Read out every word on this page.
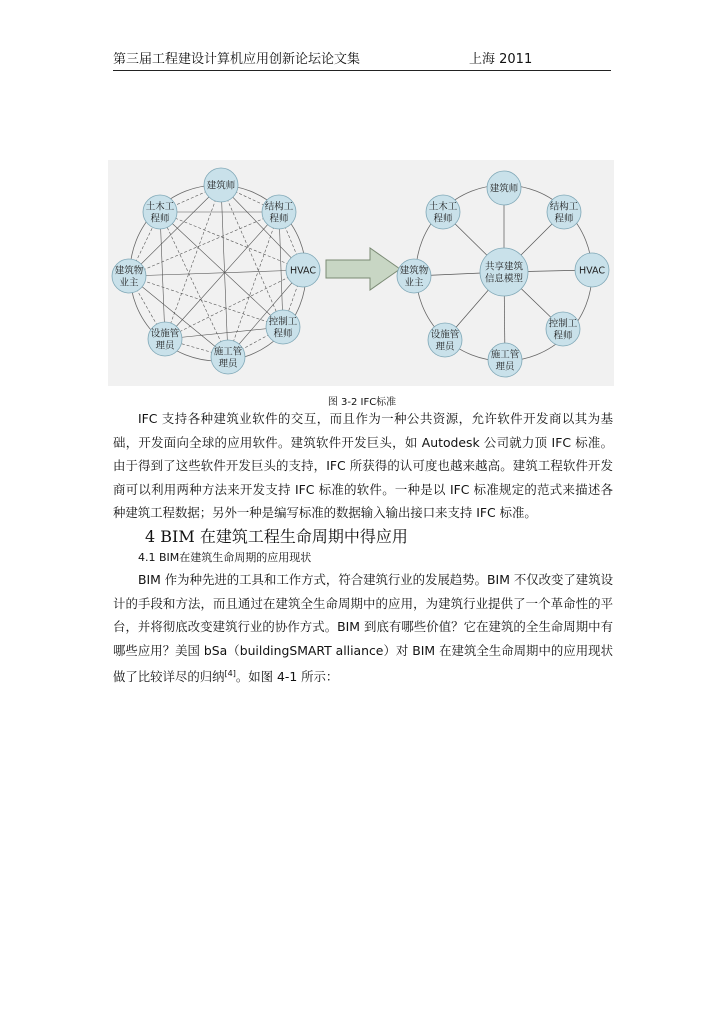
第三届工程建设计算机应用创新论坛论文集	上海 2011
建筑师
结构工
程师
HVAC
控制工
程师
施工管
理员
设施管
理员
建筑物
业主
土木工
程师
建筑师
结构工
程师
HVAC
控制工
程师
施工管
理员
设施管
理员
建筑物
业主
土木工
程师
共享建筑
信息模型
图 3-2 IFC标准
IFC 支持各种建筑业软件的交互，而且作为一种公共资源，允许软件开发商以其为基础，开发面向全球的应用软件。建筑软件开发巨头，如 Autodesk 公司就力顶 IFC 标准。由于得到了这些软件开发巨头的支持，IFC 所获得的认可度也越来越高。建筑工程软件开发商可以利用两种方法来开发支持 IFC 标准的软件。一种是以 IFC 标准规定的范式来描述各种建筑工程数据；另外一种是编写标准的数据输入输出接口来支持 IFC 标准。
4 BIM 在建筑工程生命周期中得应用
4.1 BIM在建筑生命周期的应用现状
BIM 作为种先进的工具和工作方式，符合建筑行业的发展趋势。BIM 不仅改变了建筑设计的手段和方法，而且通过在建筑全生命周期中的应用，为建筑行业提供了一个革命性的平台，并将彻底改变建筑行业的协作方式。BIM 到底有哪些价值？它在建筑的全生命周期中有哪些应用？美国 bSa（buildingSMART alliance）对 BIM 在建筑全生命周期中的应用现状做了比较详尽的归纳[4]。如图 4-1 所示：
